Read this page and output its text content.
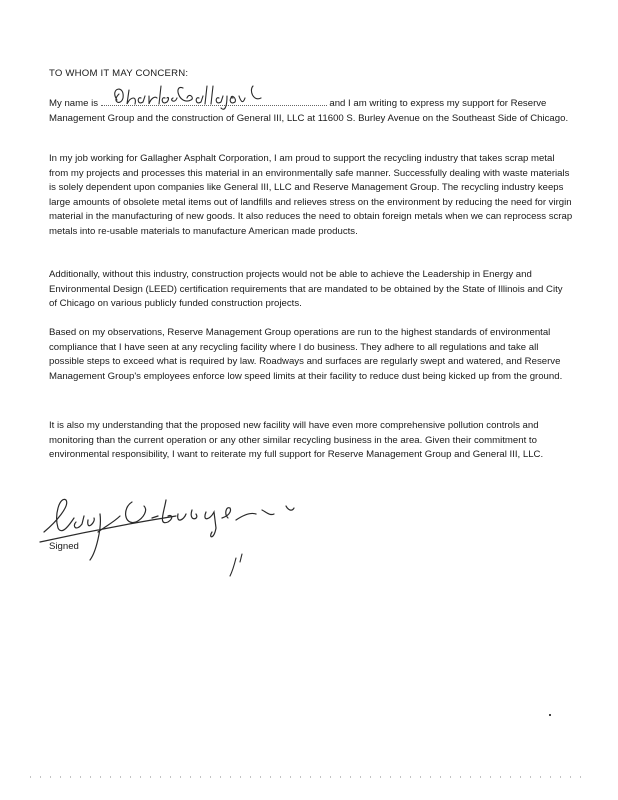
TO WHOM IT MAY CONCERN:

My name is	and I am writing to express my support for Reserve Management Group and the construction of General III, LLC at 11600 S. Burley Avenue on the Southeast Side of Chicago.

In my job working for Gallagher Asphalt Corporation, I am proud to support the recycling industry that takes scrap metal from my projects and processes this material in an environmentally safe manner. Successfully dealing with waste materials is solely dependent upon companies like General III, LLC and Reserve Management Group. The recycling industry keeps large amounts of obsolete metal items out of landfills and relieves stress on the environment by reducing the need for virgin material in the manufacturing of new goods. It also reduces the need to obtain foreign metals when we can reprocess scrap metals into re-usable materials to manufacture American made products.

Additionally, without this industry, construction projects would not be able to achieve the Leadership in Energy and Environmental Design (LEED) certification requirements that are mandated to be obtained by the State of Illinois and City of Chicago on various publicly funded construction projects.

Based on my observations, Reserve Management Group operations are run to the highest standards of environmental compliance that I have seen at any recycling facility where I do business. They adhere to all regulations and take all possible steps to exceed what is required by law. Roadways and surfaces are regularly swept and watered, and Reserve Management Group's employees enforce low speed limits at their facility to reduce dust being kicked up from the ground.

It is also my understanding that the proposed new facility will have even more comprehensive pollution controls and monitoring than the current operation or any other similar recycling business in the area. Given their commitment to environmental responsibility, I want to reiterate my full support for Reserve Management Group and General III, LLC.

Signed
